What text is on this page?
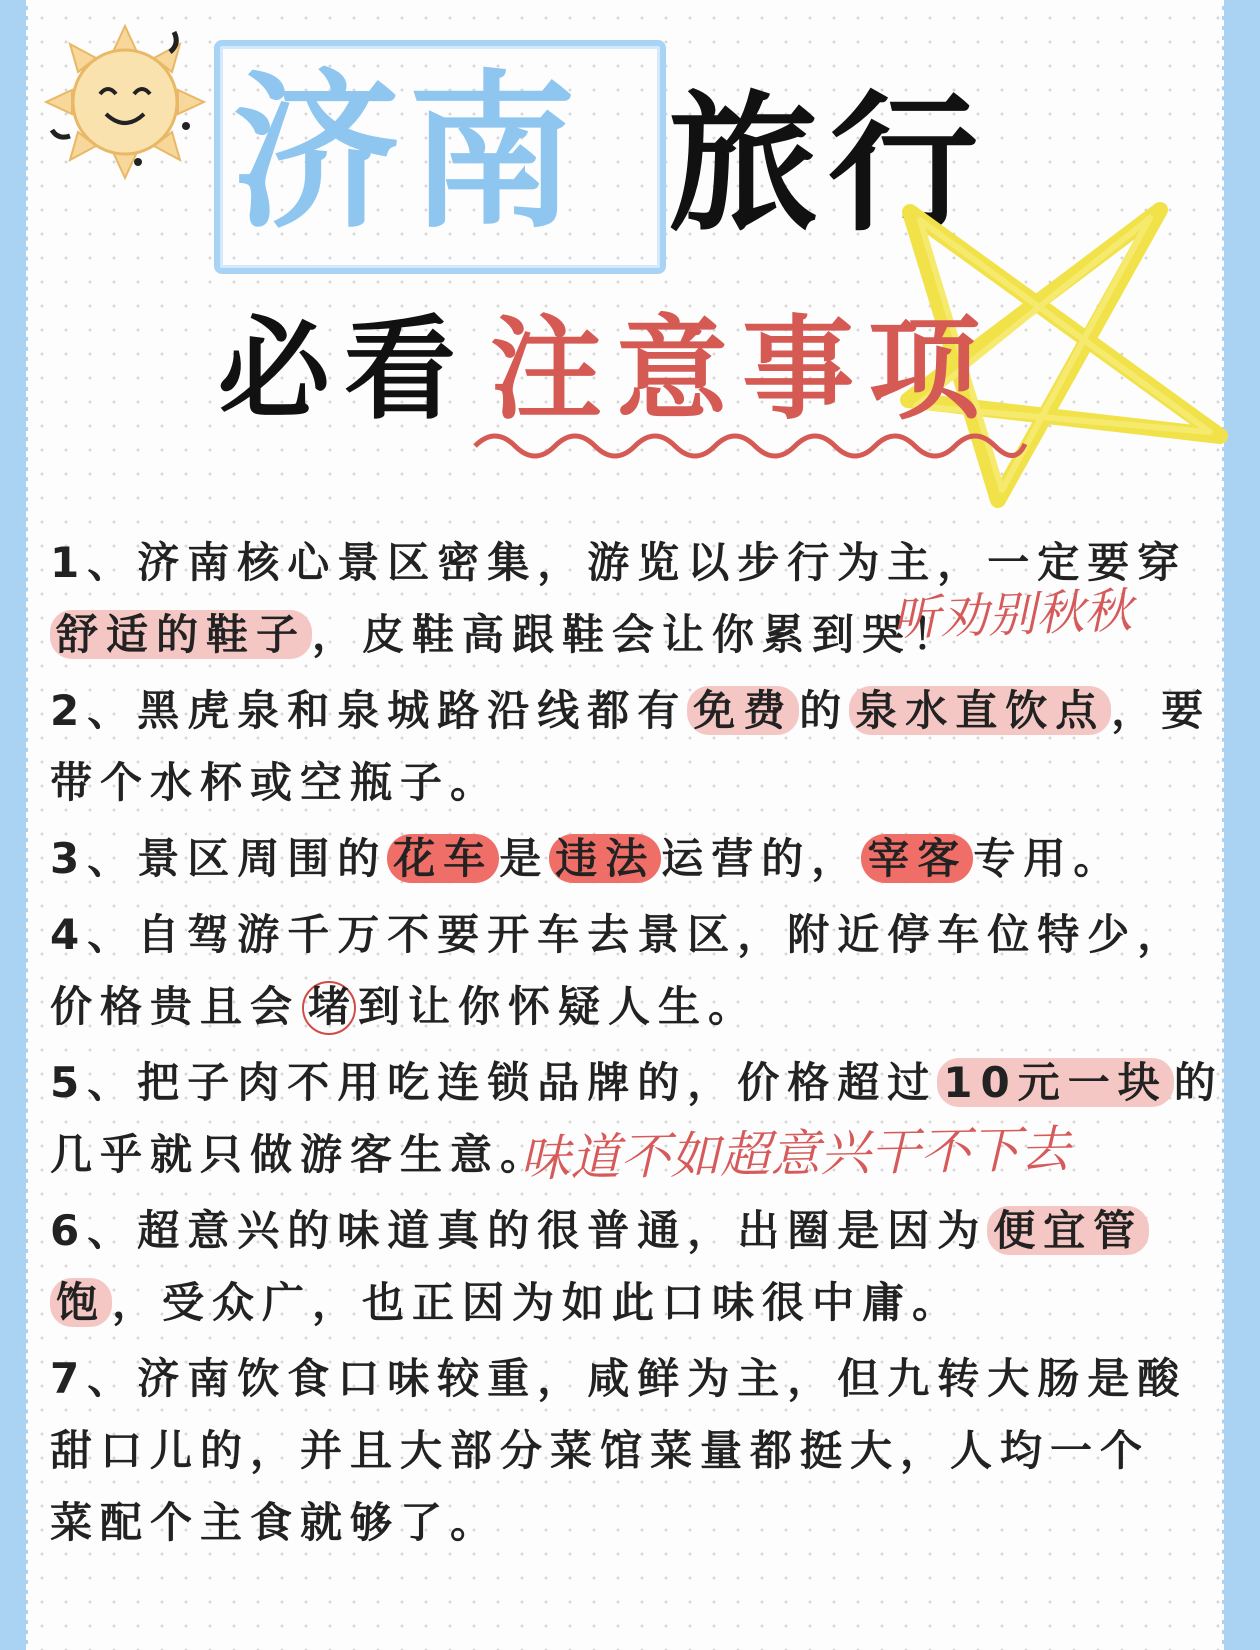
济南 旅行
必看 注意事项
1、济南核心景区密集，游览以步行为主，一定要穿
舒适的鞋子 ，皮鞋高跟鞋会让你累到哭！
听劝别秋秋
2、黑虎泉和泉城路沿线都有 免费 的 泉水直饮点 ，要
带个水杯或空瓶子。
3、景区周围的 花车 是 违法 运营的， 宰客 专用。
4、自驾游千万不要开车去景区，附近停车位特少，
价格贵且会 堵 到让你怀疑人生。
5、把子肉不用吃连锁品牌的，价格超过 10元一块 的
几乎就只做游客生意。
味道不如超意兴干不下去
6、超意兴的味道真的很普通，出圈是因为 便宜管
饱 ，受众广，也正因为如此口味很中庸。
7、济南饮食口味较重，咸鲜为主，但九转大肠是酸
甜口儿的，并且大部分菜馆菜量都挺大，人均一个
菜配个主食就够了。
